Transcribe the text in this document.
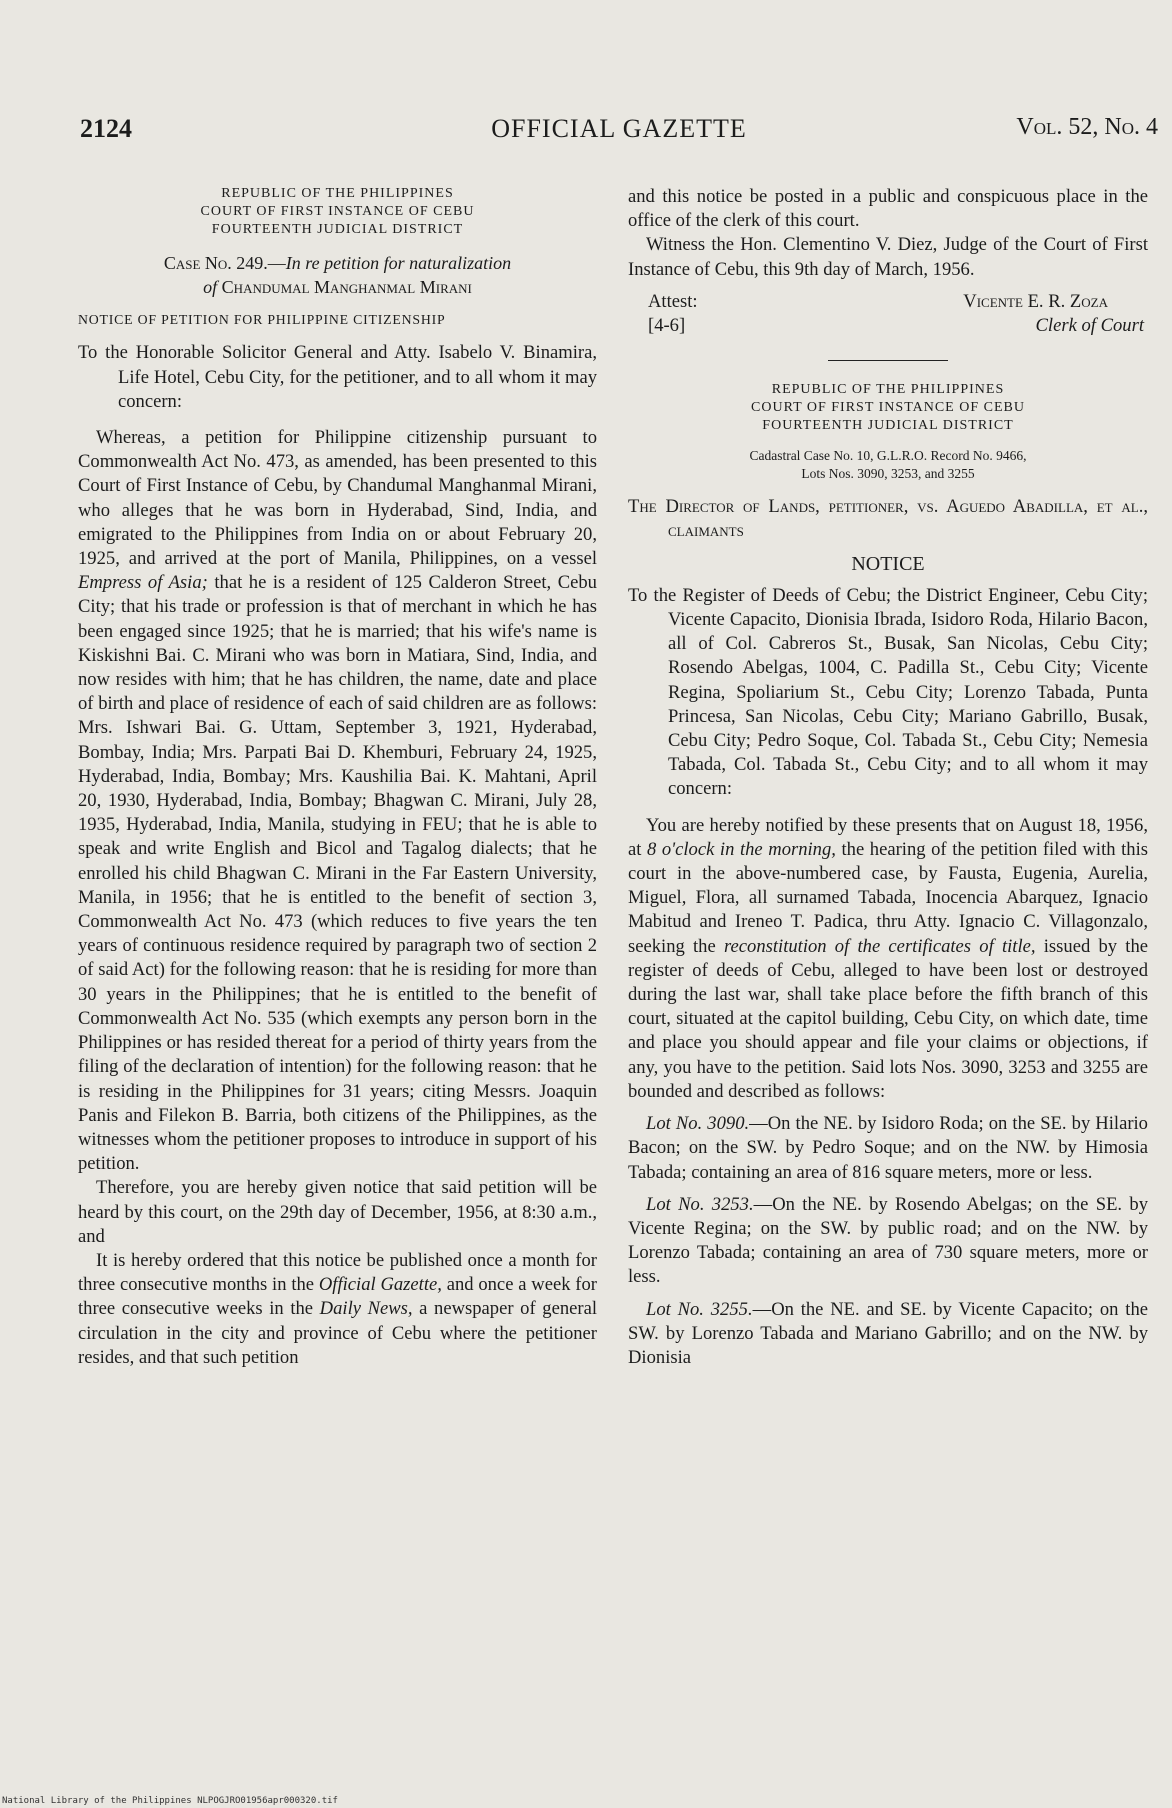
2124	OFFICIAL GAZETTE	Vol. 52, No. 4
REPUBLIC OF THE PHILIPPINES
COURT OF FIRST INSTANCE OF CEBU
FOURTEENTH JUDICIAL DISTRICT

Case No. 249.—In re petition for naturalization
of Chandumal Manghanmal Mirani

NOTICE OF PETITION FOR PHILIPPINE CITIZENSHIP

To the Honorable Solicitor General and Atty. Isabelo V. Binamira, Life Hotel, Cebu City, for the petitioner, and to all whom it may concern:

Whereas, a petition for Philippine citizenship pursuant to Commonwealth Act No. 473, as amended, has been presented to this Court of First Instance of Cebu, by Chandumal Manghanmal Mirani, who alleges that he was born in Hyderabad, Sind, India, and emigrated to the Philippines from India on or about February 20, 1925, and arrived at the port of Manila, Philippines, on a vessel Empress of Asia; that he is a resident of 125 Calderon Street, Cebu City; that his trade or profession is that of merchant in which he has been engaged since 1925; that he is married; that his wife's name is Kiskishni Bai. C. Mirani who was born in Matiara, Sind, India, and now resides with him; that he has children, the name, date and place of birth and place of residence of each of said children are as follows: Mrs. Ishwari Bai. G. Uttam, September 3, 1921, Hyderabad, Bombay, India; Mrs. Parpati Bai D. Khemburi, February 24, 1925, Hyderabad, India, Bombay; Mrs. Kaushilia Bai. K. Mahtani, April 20, 1930, Hyderabad, India, Bombay; Bhagwan C. Mirani, July 28, 1935, Hyderabad, India, Manila, studying in FEU; that he is able to speak and write English and Bicol and Tagalog dialects; that he enrolled his child Bhagwan C. Mirani in the Far Eastern University, Manila, in 1956; that he is entitled to the benefit of section 3, Commonwealth Act No. 473 (which reduces to five years the ten years of continuous residence required by paragraph two of section 2 of said Act) for the following reason: that he is residing for more than 30 years in the Philippines; that he is entitled to the benefit of Commonwealth Act No. 535 (which exempts any person born in the Philippines or has resided thereat for a period of thirty years from the filing of the declaration of intention) for the following reason: that he is residing in the Philippines for 31 years; citing Messrs. Joaquin Panis and Filekon B. Barria, both citizens of the Philippines, as the witnesses whom the petitioner proposes to introduce in support of his petition.

Therefore, you are hereby given notice that said petition will be heard by this court, on the 29th day of December, 1956, at 8:30 a.m., and

It is hereby ordered that this notice be published once a month for three consecutive months in the Official Gazette, and once a week for three consecutive weeks in the Daily News, a newspaper of general circulation in the city and province of Cebu where the petitioner resides, and that such petition

and this notice be posted in a public and conspicuous place in the office of the clerk of this court.

Witness the Hon. Clementino V. Diez, Judge of the Court of First Instance of Cebu, this 9th day of March, 1956.

Attest:	Vicente E. R. Zoza
[4-6]	Clerk of Court
REPUBLIC OF THE PHILIPPINES
COURT OF FIRST INSTANCE OF CEBU
FOURTEENTH JUDICIAL DISTRICT
Cadastral Case No. 10, G.L.R.O. Record No. 9466,
Lots Nos. 3090, 3253, and 3255

The Director of Lands, petitioner, vs. Aguedo Abadilla, et al., claimants

NOTICE

To the Register of Deeds of Cebu; the District Engineer, Cebu City; Vicente Capacito, Dionisia Ibrada, Isidoro Roda, Hilario Bacon, all of Col. Cabreros St., Busak, San Nicolas, Cebu City; Rosendo Abelgas, 1004, C. Padilla St., Cebu City; Vicente Regina, Spoliarium St., Cebu City; Lorenzo Tabada, Punta Princesa, San Nicolas, Cebu City; Mariano Gabrillo, Busak, Cebu City; Pedro Soque, Col. Tabada St., Cebu City; Nemesia Tabada, Col. Tabada St., Cebu City; and to all whom it may concern:

You are hereby notified by these presents that on August 18, 1956, at 8 o'clock in the morning, the hearing of the petition filed with this court in the above-numbered case, by Fausta, Eugenia, Aurelia, Miguel, Flora, all surnamed Tabada, Inocencia Abarquez, Ignacio Mabitud and Ireneo T. Padica, thru Atty. Ignacio C. Villagonzalo, seeking the reconstitution of the certificates of title, issued by the register of deeds of Cebu, alleged to have been lost or destroyed during the last war, shall take place before the fifth branch of this court, situated at the capitol building, Cebu City, on which date, time and place you should appear and file your claims or objections, if any, you have to the petition. Said lots Nos. 3090, 3253 and 3255 are bounded and described as follows:

Lot No. 3090.—On the NE. by Isidoro Roda; on the SE. by Hilario Bacon; on the SW. by Pedro Soque; and on the NW. by Himosia Tabada; containing an area of 816 square meters, more or less.

Lot No. 3253.—On the NE. by Rosendo Abelgas; on the SE. by Vicente Regina; on the SW. by public road; and on the NW. by Lorenzo Tabada; containing an area of 730 square meters, more or less.

Lot No. 3255.—On the NE. and SE. by Vicente Capacito; on the SW. by Lorenzo Tabada and Mariano Gabrillo; and on the NW. by Dionisia

National Library of the Philippines NLPOGJRO01956apr000320.tif
